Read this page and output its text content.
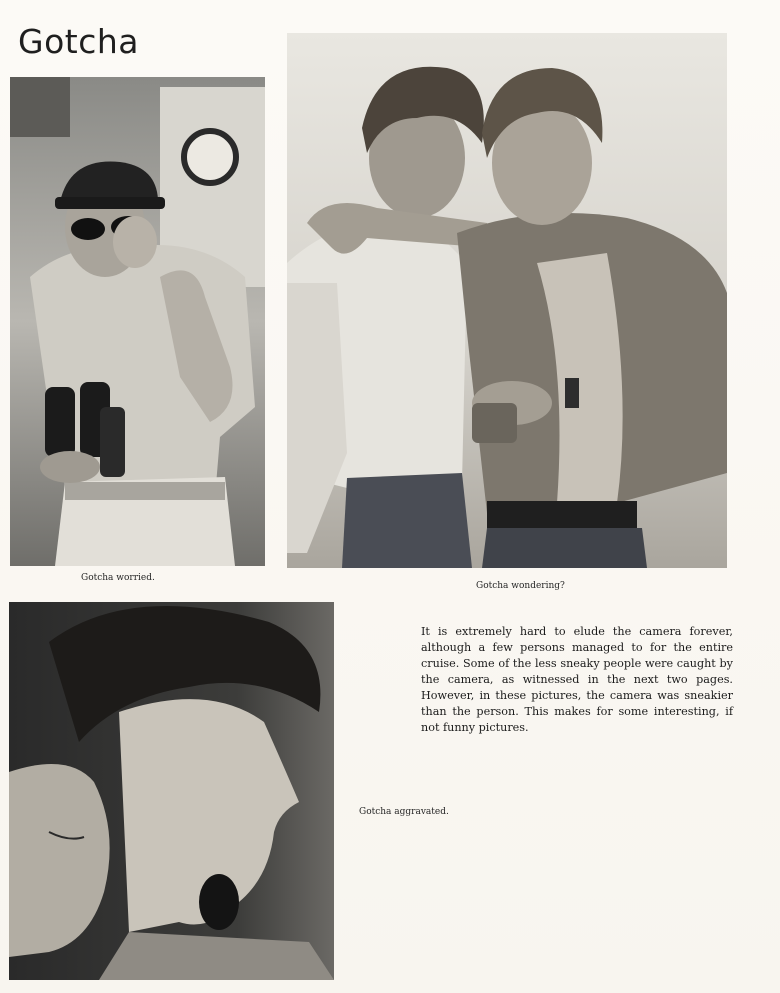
Gotcha
Gotcha worried.
Gotcha wondering?
Gotcha aggravated.
It is extremely hard to elude the camera forever, although a few persons managed to for the entire cruise. Some of the less sneaky people were caught by the camera, as witnessed in the next two pages. However, in these pictures, the camera was sneakier than the person. This makes for some interesting, if not funny pictures.
